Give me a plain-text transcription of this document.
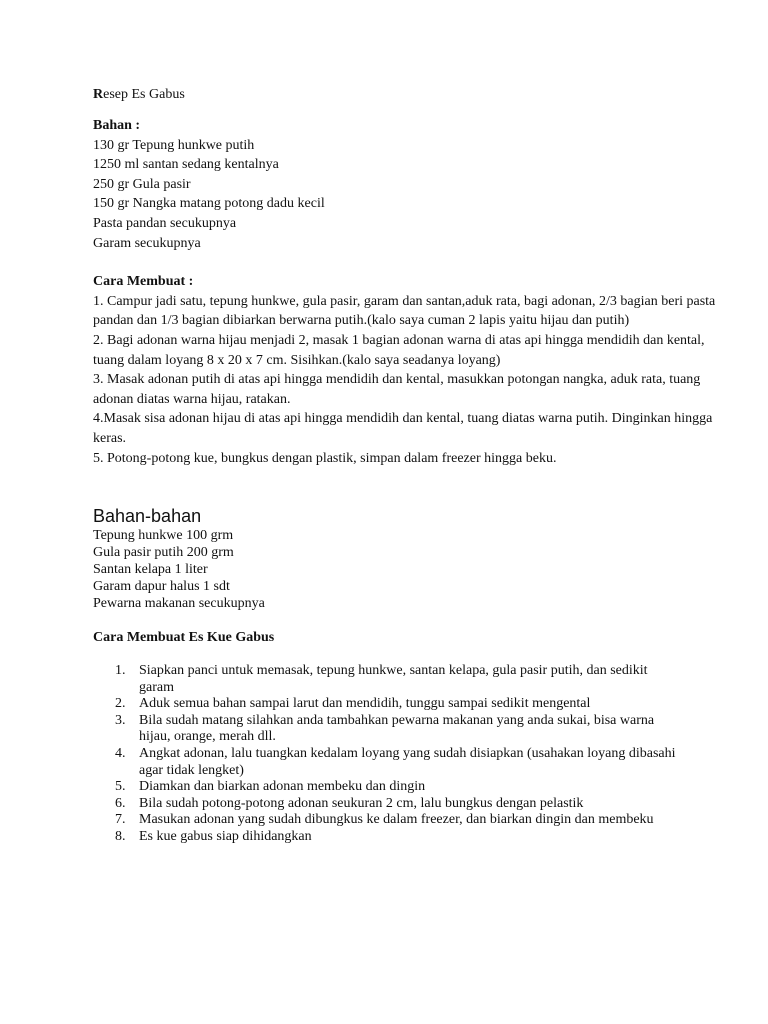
Resep Es Gabus
Bahan :
130 gr Tepung hunkwe putih
1250 ml santan sedang kentalnya
250 gr Gula pasir
150 gr Nangka matang potong dadu kecil
Pasta pandan secukupnya
Garam secukupnya
Cara Membuat :
1. Campur jadi satu, tepung hunkwe, gula pasir, garam dan santan,aduk rata, bagi adonan, 2/3 bagian beri pasta pandan dan 1/3 bagian dibiarkan berwarna putih.(kalo saya cuman 2 lapis yaitu hijau dan putih)
2. Bagi adonan warna hijau menjadi 2, masak 1 bagian adonan warna di atas api hingga mendidih dan kental, tuang dalam loyang 8 x 20 x 7 cm. Sisihkan.(kalo saya seadanya loyang)
3. Masak adonan putih di atas api hingga mendidih dan kental, masukkan potongan nangka, aduk rata, tuang adonan diatas warna hijau, ratakan.
4.Masak sisa adonan hijau di atas api hingga mendidih dan kental, tuang diatas warna putih. Dinginkan hingga keras.
5. Potong-potong kue, bungkus dengan plastik, simpan dalam freezer hingga beku.
Bahan-bahan
Tepung hunkwe 100 grm
Gula pasir putih 200 grm
Santan kelapa 1 liter
Garam dapur halus 1 sdt
Pewarna makanan secukupnya
Cara Membuat Es Kue Gabus
1. Siapkan panci untuk memasak, tepung hunkwe, santan kelapa, gula pasir putih, dan sedikit garam
2. Aduk semua bahan sampai larut dan mendidih, tunggu sampai sedikit mengental
3. Bila sudah matang silahkan anda tambahkan pewarna makanan yang anda sukai, bisa warna hijau, orange, merah dll.
4. Angkat adonan, lalu tuangkan kedalam loyang yang sudah disiapkan (usahakan loyang dibasahi agar tidak lengket)
5. Diamkan dan biarkan adonan membeku dan dingin
6. Bila sudah potong-potong adonan seukuran 2 cm, lalu bungkus dengan pelastik
7. Masukan adonan yang sudah dibungkus ke dalam freezer, dan biarkan dingin dan membeku
8. Es kue gabus siap dihidangkan
